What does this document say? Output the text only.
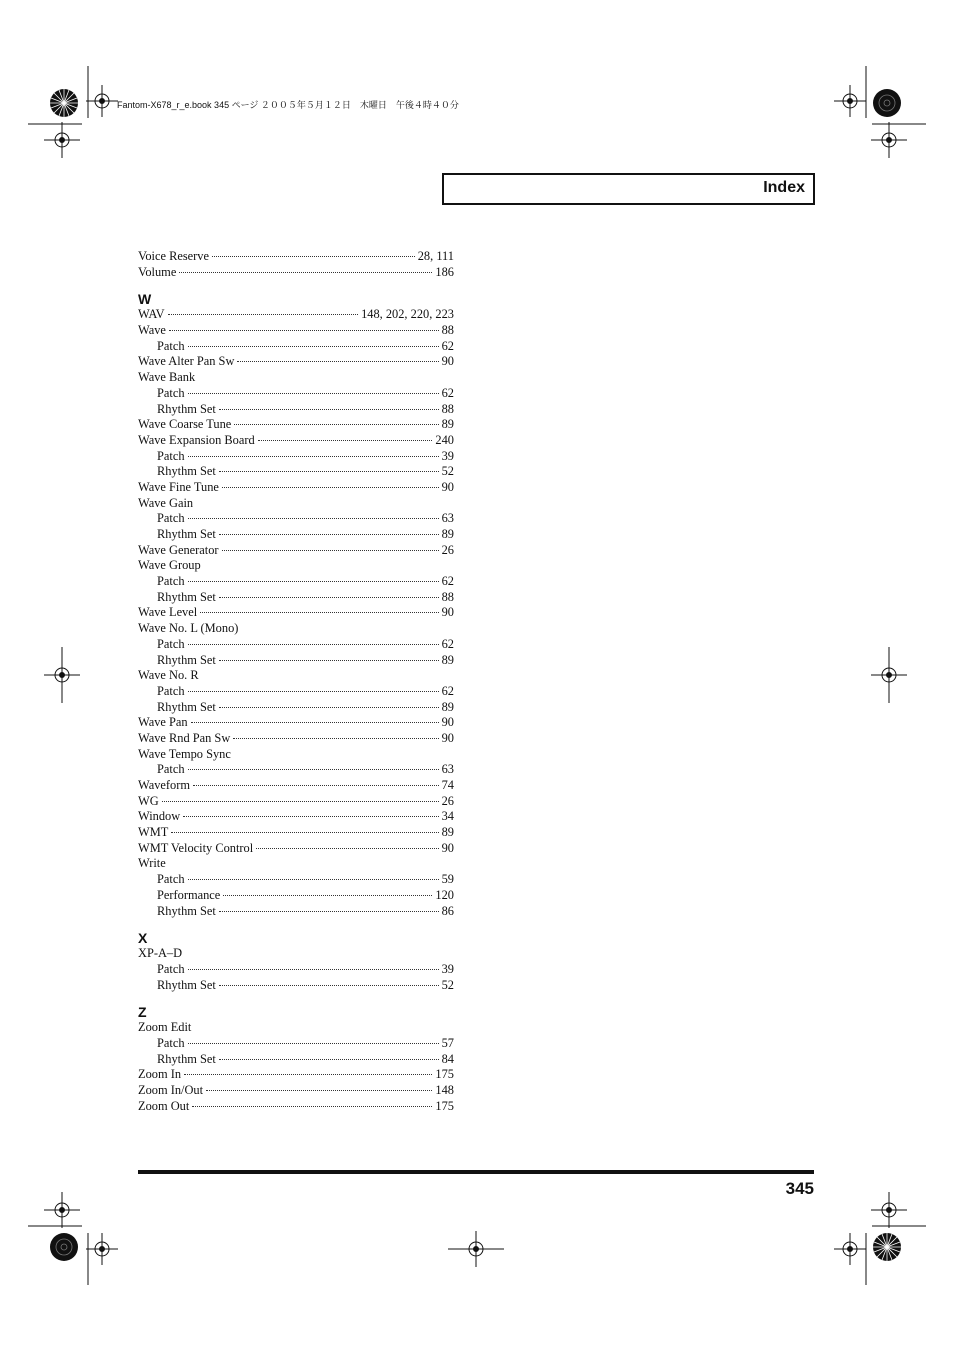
Fantom-X678_r_e.book 345 ページ ２００５年５月１２日　木曜日　午後４時４０分
Index
Voice Reserve	28, 111
Volume	186
W
WAV	148, 202, 220, 223
Wave	88
Patch	62
Wave Alter Pan Sw	90
Wave Bank
Patch	62
Rhythm Set	88
Wave Coarse Tune	89
Wave Expansion Board	240
Patch	39
Rhythm Set	52
Wave Fine Tune	90
Wave Gain
Patch	63
Rhythm Set	89
Wave Generator	26
Wave Group
Patch	62
Rhythm Set	88
Wave Level	90
Wave No. L (Mono)
Patch	62
Rhythm Set	89
Wave No. R
Patch	62
Rhythm Set	89
Wave Pan	90
Wave Rnd Pan Sw	90
Wave Tempo Sync
Patch	63
Waveform	74
WG	26
Window	34
WMT	89
WMT Velocity Control	90
Write
Patch	59
Performance	120
Rhythm Set	86
X
XP-A–D
Patch	39
Rhythm Set	52
Z
Zoom Edit
Patch	57
Rhythm Set	84
Zoom In	175
Zoom In/Out	148
Zoom Out	175
345
